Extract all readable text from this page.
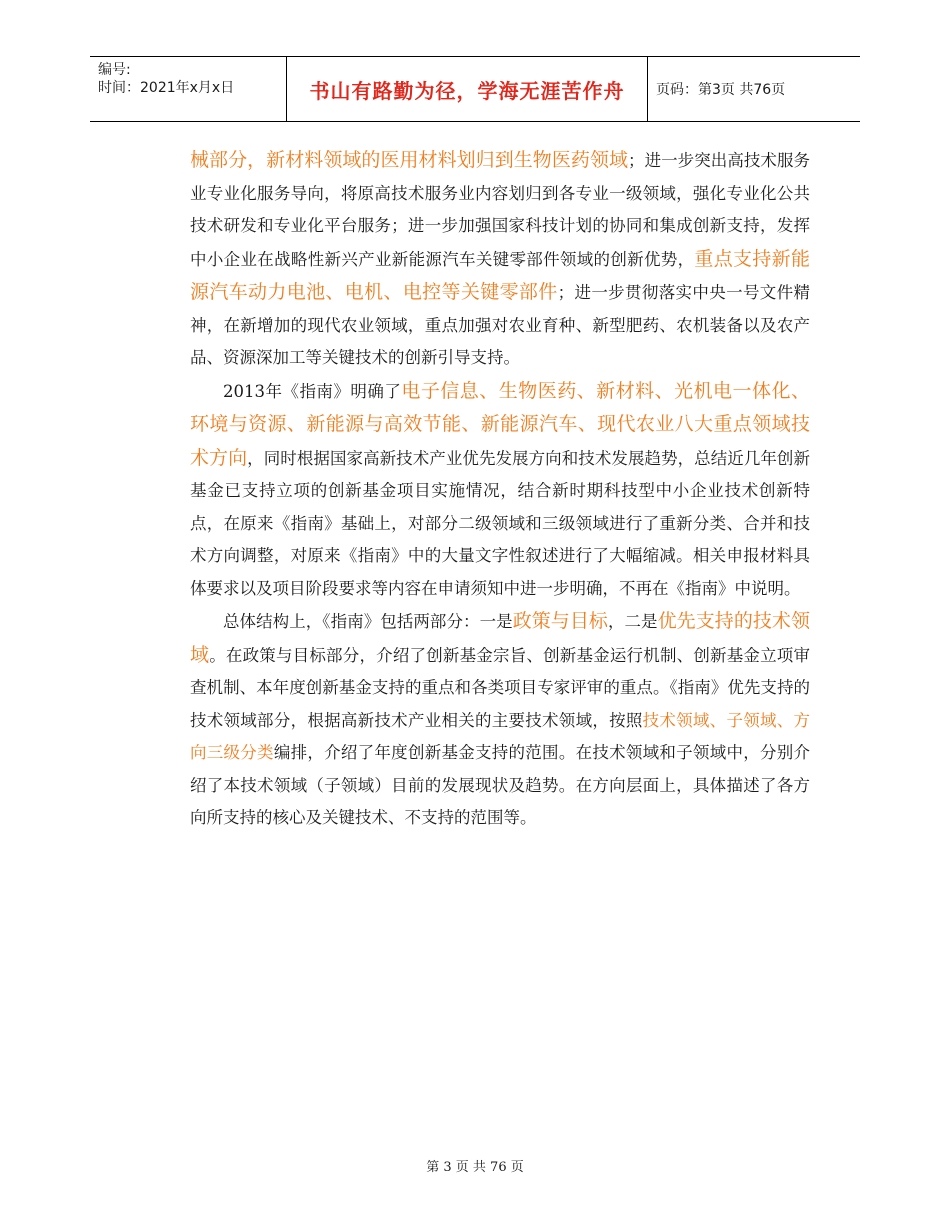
编号:
时间：2021年x月x日	书山有路勤为径，学海无涯苦作舟	页码：第3页 共76页

械部分，新材料领域的医用材料划归到生物医药领域；进一步突出高技术服务业专业化服务导向，将原高技术服务业内容划归到各专业一级领域，强化专业化公共技术研发和专业化平台服务；进一步加强国家科技计划的协同和集成创新支持，发挥中小企业在战略性新兴产业新能源汽车关键零部件领域的创新优势，重点支持新能源汽车动力电池、电机、电控等关键零部件；进一步贯彻落实中央一号文件精神，在新增加的现代农业领域，重点加强对农业育种、新型肥药、农机装备以及农产品、资源深加工等关键技术的创新引导支持。

2013年《指南》明确了电子信息、生物医药、新材料、光机电一体化、环境与资源、新能源与高效节能、新能源汽车、现代农业八大重点领域技术方向，同时根据国家高新技术产业优先发展方向和技术发展趋势，总结近几年创新基金已支持立项的创新基金项目实施情况，结合新时期科技型中小企业技术创新特点，在原来《指南》基础上，对部分二级领域和三级领域进行了重新分类、合并和技术方向调整，对原来《指南》中的大量文字性叙述进行了大幅缩减。相关申报材料具体要求以及项目阶段要求等内容在申请须知中进一步明确，不再在《指南》中说明。

总体结构上，《指南》包括两部分：一是政策与目标，二是优先支持的技术领域。在政策与目标部分，介绍了创新基金宗旨、创新基金运行机制、创新基金立项审查机制、本年度创新基金支持的重点和各类项目专家评审的重点。《指南》优先支持的技术领域部分，根据高新技术产业相关的主要技术领域，按照技术领域、子领域、方向三级分类编排，介绍了年度创新基金支持的范围。在技术领域和子领域中，分别介绍了本技术领域（子领域）目前的发展现状及趋势。在方向层面上，具体描述了各方向所支持的核心及关键技术、不支持的范围等。

第 3 页 共 76 页
